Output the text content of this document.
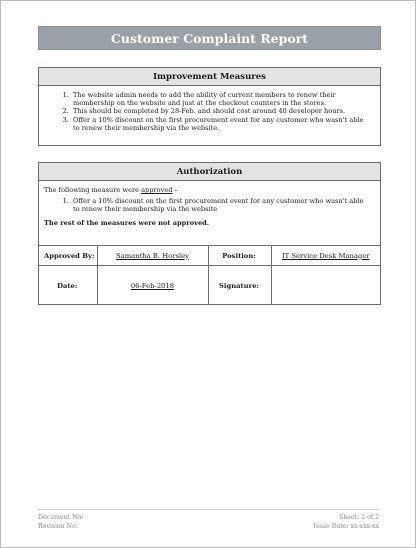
Customer Complaint Report
Improvement Measures
1. The website admin needs to add the ability of current members to renew their membership on the website and just at the checkout counters in the stores.
2. This should be completed by 28-Feb. and should cost around 40 developer hours.
3. Offer a 10% discount on the first procurement event for any customer who wasn't able to renew their membership via the website.
Authorization
The following measure were approved –
1. Offer a 10% discount on the first procurement event for any customer who wasn't able to renew their membership via the website
The rest of the measures were not approved.
Approved By:	Samantha B. Horsley	Position:	IT Service Desk Manager
Date:	06-Feb-2018	Signature:	
Document No:	Sheet: 2 of 2
Revision No:	Issue Date: xx-xxx-xx
